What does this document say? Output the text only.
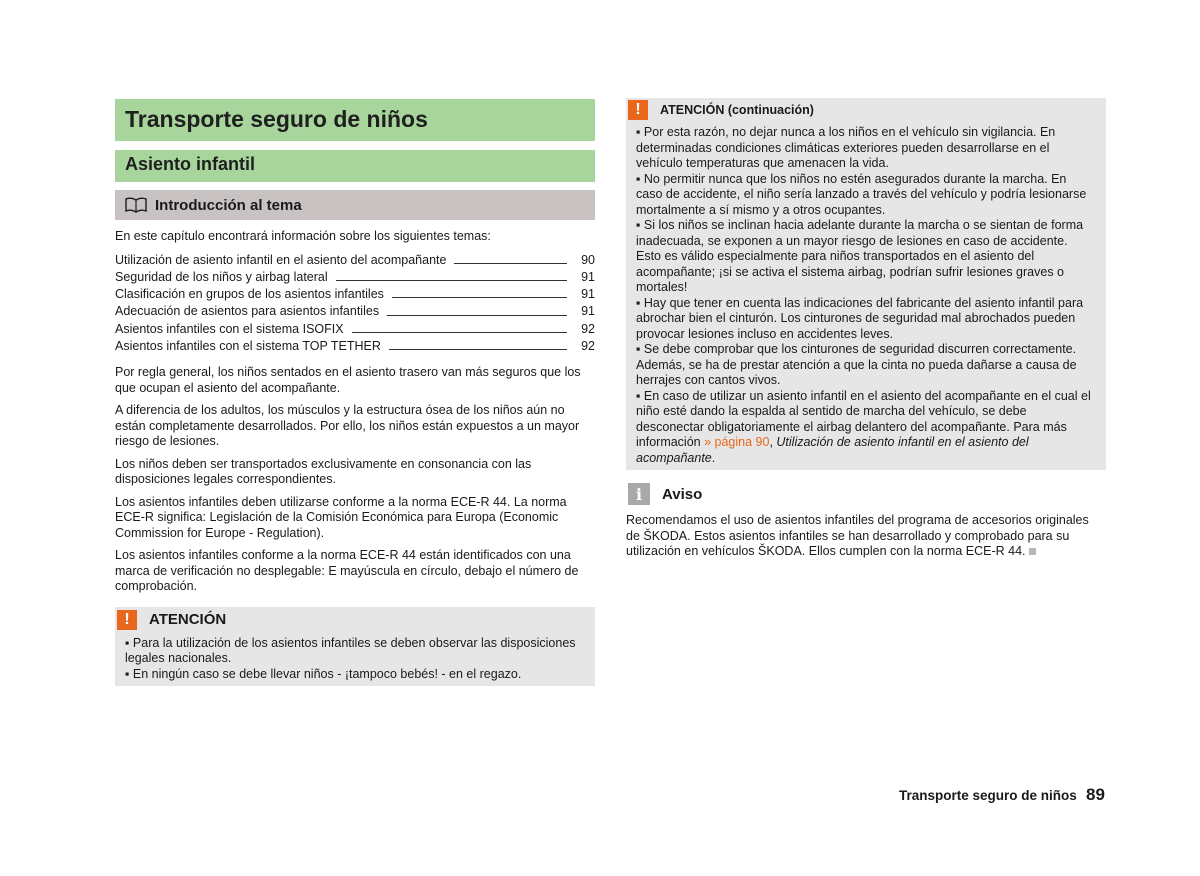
Transporte seguro de niños
Asiento infantil
Introducción al tema

En este capítulo encontrará información sobre los siguientes temas:

Utilización de asiento infantil en el asiento del acompañante	90
Seguridad de los niños y airbag lateral	91
Clasificación en grupos de los asientos infantiles	91
Adecuación de asientos para asientos infantiles	91
Asientos infantiles con el sistema ISOFIX	92
Asientos infantiles con el sistema TOP TETHER	92

Por regla general, los niños sentados en el asiento trasero van más seguros que los que ocupan el asiento del acompañante.

A diferencia de los adultos, los músculos y la estructura ósea de los niños aún no están completamente desarrollados. Por ello, los niños están expuestos a un mayor riesgo de lesiones.

Los niños deben ser transportados exclusivamente en consonancia con las disposiciones legales correspondientes.

Los asientos infantiles deben utilizarse conforme a la norma ECE-R 44. La norma ECE-R significa: Legislación de la Comisión Económica para Europa (Economic Commission for Europe - Regulation).

Los asientos infantiles conforme a la norma ECE-R 44 están identificados con una marca de verificación no desplegable: E mayúscula en círculo, debajo el número de comprobación.

!	ATENCIÓN

▪ Para la utilización de los asientos infantiles se deben observar las disposiciones legales nacionales.

▪ En ningún caso se debe llevar niños - ¡tampoco bebés! - en el regazo.

!	ATENCIÓN (continuación)

▪ Por esta razón, no dejar nunca a los niños en el vehículo sin vigilancia. En determinadas condiciones climáticas exteriores pueden desarrollarse en el vehículo temperaturas que amenacen la vida.

▪ No permitir nunca que los niños no estén asegurados durante la marcha. En caso de accidente, el niño sería lanzado a través del vehículo y podría lesionarse mortalmente a sí mismo y a otros ocupantes.

▪ Si los niños se inclinan hacia adelante durante la marcha o se sientan de forma inadecuada, se exponen a un mayor riesgo de lesiones en caso de accidente. Esto es válido especialmente para niños transportados en el asiento del acompañante; ¡si se activa el sistema airbag, podrían sufrir lesiones graves o mortales!

▪ Hay que tener en cuenta las indicaciones del fabricante del asiento infantil para abrochar bien el cinturón. Los cinturones de seguridad mal abrochados pueden provocar lesiones incluso en accidentes leves.

▪ Se debe comprobar que los cinturones de seguridad discurren correctamente. Además, se ha de prestar atención a que la cinta no pueda dañarse a causa de herrajes con cantos vivos.

▪ En caso de utilizar un asiento infantil en el asiento del acompañante en el cual el niño esté dando la espalda al sentido de marcha del vehículo, se debe desconectar obligatoriamente el airbag delantero del acompañante. Para más información » página 90, Utilización de asiento infantil en el asiento del acompañante.

i	Aviso

Recomendamos el uso de asientos infantiles del programa de accesorios originales de ŠKODA. Estos asientos infantiles se han desarrollado y comprobado para su utilización en vehículos ŠKODA. Ellos cumplen con la norma ECE-R 44.

Transporte seguro de niños 89
